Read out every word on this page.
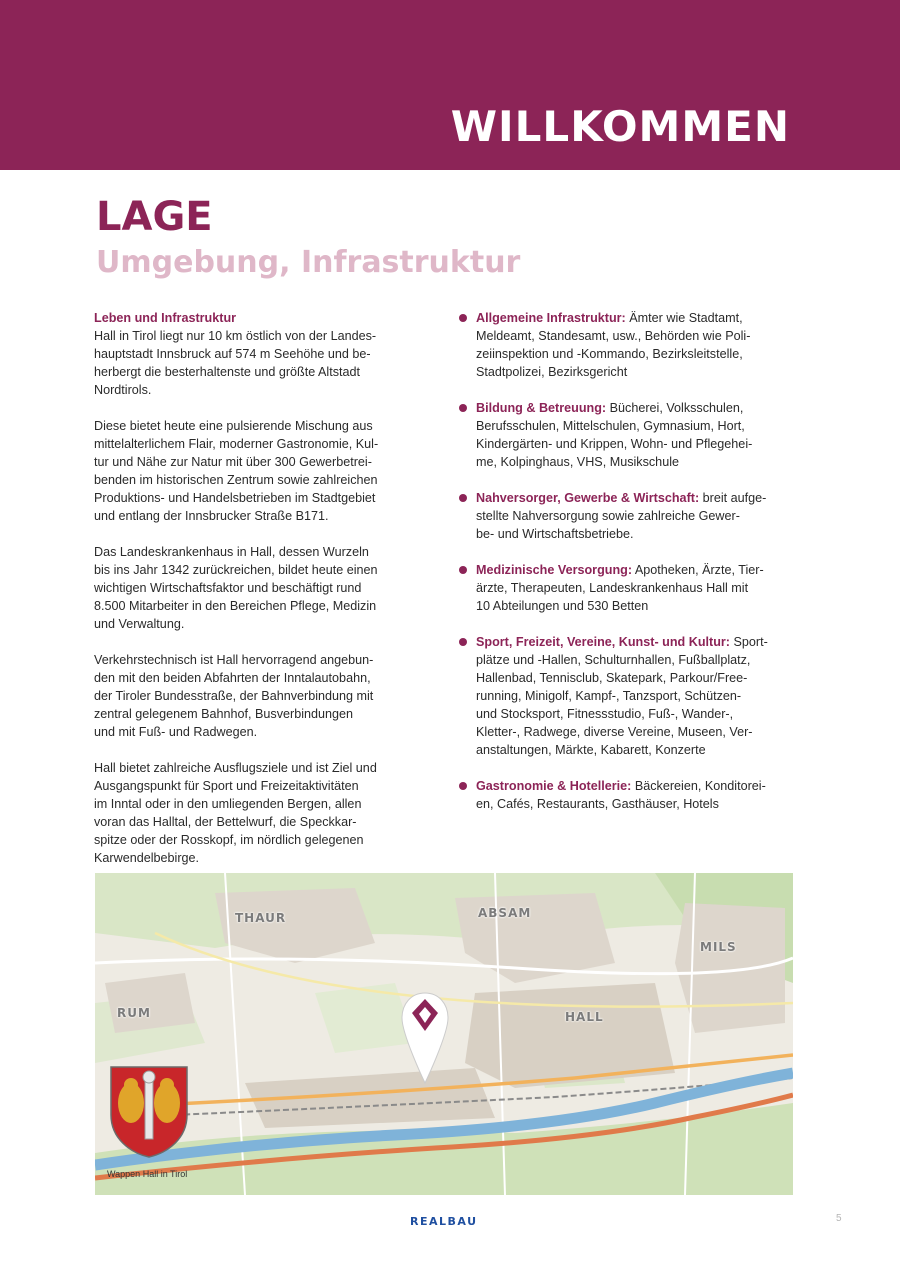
WILLKOMMEN
LAGE
Umgebung, Infrastruktur

Leben und Infrastruktur
Hall in Tirol liegt nur 10 km östlich von der Landes-
hauptstadt Innsbruck auf 574 m Seehöhe und be-
herbergt die besterhaltenste und größte Altstadt
Nordtirols.

Diese bietet heute eine pulsierende Mischung aus
mittelalterlichem Flair, moderner Gastronomie, Kul-
tur und Nähe zur Natur mit über 300 Gewerbetrei-
benden im historischen Zentrum sowie zahlreichen
Produktions- und Handelsbetrieben im Stadtgebiet
und entlang der Innsbrucker Straße B171.

Das Landeskrankenhaus in Hall, dessen Wurzeln
bis ins Jahr 1342 zurückreichen, bildet heute einen
wichtigen Wirtschaftsfaktor und beschäftigt rund
8.500 Mitarbeiter in den Bereichen Pflege, Medizin
und Verwaltung.

Verkehrstechnisch ist Hall hervorragend angebun-
den mit den beiden Abfahrten der Inntalautobahn,
der Tiroler Bundesstraße, der Bahnverbindung mit
zentral gelegenem Bahnhof, Busverbindungen
und mit Fuß- und Radwegen.

Hall bietet zahlreiche Ausflugsziele und ist Ziel und
Ausgangspunkt für Sport und Freizeitaktivitäten
im Inntal oder in den umliegenden Bergen, allen
voran das Halltal, der Bettelwurf, die Speckkar-
spitze oder der Rosskopf, im nördlich gelegenen
Karwendelbebirge.

Allgemeine Infrastruktur: Ämter wie Stadtamt,
Meldeamt, Standesamt, usw., Behörden wie Poli-
zeiinspektion und -Kommando, Bezirksleitstelle,
Stadtpolizei, Bezirksgericht
Bildung & Betreuung: Bücherei, Volksschulen,
Berufsschulen, Mittelschulen, Gymnasium, Hort,
Kindergärten- und Krippen, Wohn- und Pflegehei-
me, Kolpinghaus, VHS, Musikschule
Nahversorger, Gewerbe & Wirtschaft: breit aufge-
stellte Nahversorgung sowie zahlreiche Gewer-
be- und Wirtschaftsbetriebe.
Medizinische Versorgung: Apotheken, Ärzte, Tier-
ärzte, Therapeuten, Landeskrankenhaus Hall mit
10 Abteilungen und 530 Betten
Sport, Freizeit, Vereine, Kunst- und Kultur: Sport-
plätze und -Hallen, Schulturnhallen, Fußballplatz,
Hallenbad, Tennisclub, Skatepark, Parkour/Free-
running, Minigolf, Kampf-, Tanzsport, Schützen-
und Stocksport, Fitnessstudio, Fuß-, Wander-,
Kletter-, Radwege, diverse Vereine, Museen, Ver-
anstaltungen, Märkte, Kabarett, Konzerte
Gastronomie & Hotellerie: Bäckereien, Konditorei-
en, Cafés, Restaurants, Gasthäuser, Hotels
THAUR	ABSAM
MILS
RUM	HALL
Wappen Hall in Tirol
REALBAU	5
